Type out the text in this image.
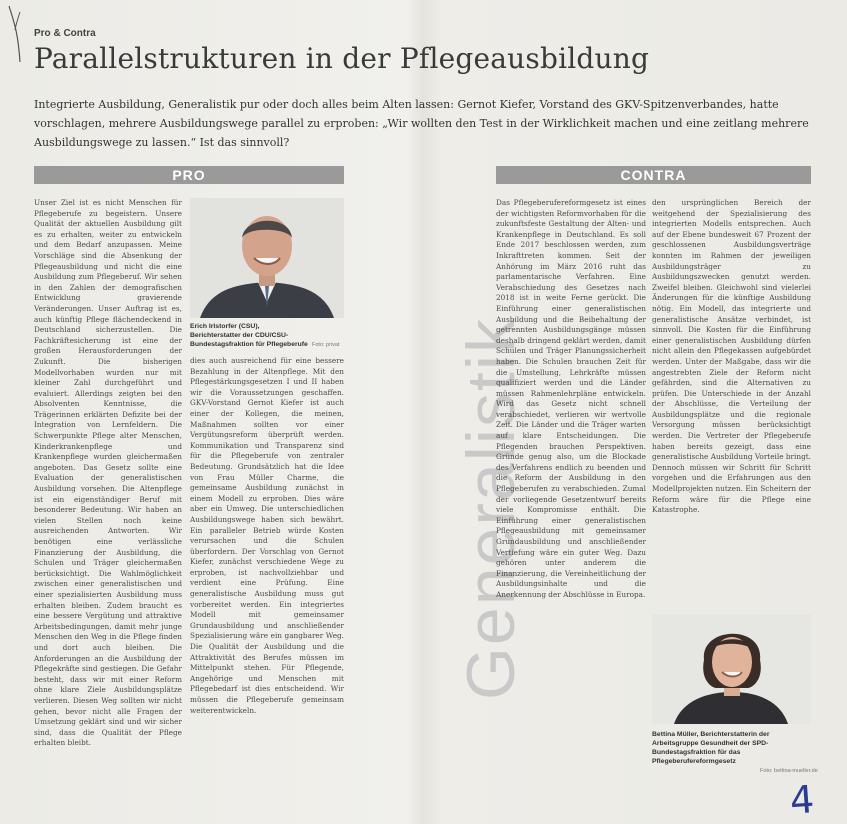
Pro & Contra
Parallelstrukturen in der Pflegeausbildung
Integrierte Ausbildung, Generalistik pur oder doch alles beim Alten lassen: Gernot Kiefer, Vorstand des GKV-Spitzenverbandes, hatte vorschlagen, mehrere Ausbildungswege parallel zu erproben: „Wir wollten den Test in der Wirklichkeit machen und eine zeitlang mehrere Ausbildungswege zu lassen.“ Ist das sinnvoll?
PRO	CONTRA
Unser Ziel ist es nicht Menschen für Pflegeberufe zu begeistern. Unsere Qualität der aktuellen Ausbildung gilt es zu erhalten, weiter zu entwickeln und dem Bedarf anzupassen. Meine Vorschläge sind die Absenkung der Pflegeausbildung und nicht die eine Ausbildung zum Pflegeberuf. Wir sehen in den Zahlen der demografischen Entwicklung gravierende Veränderungen. Unser Auftrag ist es, auch künftig Pflege flächendeckend in Deutschland sicherzustellen. Die Fachkräftesicherung ist eine der großen Herausforderungen der Zukunft. Die bisherigen Modellvorhaben wurden nur mit kleiner Zahl durchgeführt und evaluiert. Allerdings zeigten bei den Absolventen Kenntnisse, die Trägerinnen erklärten Defizite bei der Integration von Lernfeldern. Die Schwerpunkte Pflege alter Menschen, Kinderkrankenpflege und Krankenpflege wurden gleichermaßen angeboten. Das Gesetz sollte eine Evaluation der generalistischen Ausbildung vorsehen. Die Altenpflege ist ein eigenständiger Beruf mit besonderer Bedeutung. Wir haben an vielen Stellen noch keine ausreichenden Antworten. Wir benötigen eine verlässliche Finanzierung der Ausbildung, die Schulen und Träger gleichermaßen berücksichtigt. Die Wahlmöglichkeit zwischen einer generalistischen und einer spezialisierten Ausbildung muss erhalten bleiben. Zudem braucht es eine bessere Vergütung und attraktive Arbeitsbedingungen, damit mehr junge Menschen den Weg in die Pflege finden und dort auch bleiben. Die Anforderungen an die Ausbildung der Pflegekräfte sind gestiegen. Die Gefahr besteht, dass wir mit einer Reform ohne klare Ziele Ausbildungsplätze verlieren. Diesen Weg sollten wir nicht gehen, bevor nicht alle Fragen der Umsetzung geklärt sind und wir sicher sind, dass die Qualität der Pflege erhalten bleibt.
Erich Irlstorfer (CSU), Berichterstatter der CDU/CSU-Bundestagsfraktion für Pflegeberufe Foto: privat
dies auch ausreichend für eine bessere Bezahlung in der Altenpflege. Mit den Pflegestärkungsgesetzen I und II haben wir die Voraussetzungen geschaffen. GKV-Vorstand Gernot Kiefer ist auch einer der Kollegen, die meinen, Maßnahmen sollten vor einer Vergütungsreform überprüft werden. Kommunikation und Transparenz sind für die Pflegeberufe von zentraler Bedeutung. Grundsätzlich hat die Idee von Frau Müller Charme, die gemeinsame Ausbildung zunächst in einem Modell zu erproben. Dies wäre aber ein Umweg. Die unterschiedlichen Ausbildungswege haben sich bewährt. Ein paralleler Betrieb würde Kosten verursachen und die Schulen überfordern. Der Vorschlag von Gernot Kiefer, zunächst verschiedene Wege zu erproben, ist nachvollziehbar und verdient eine Prüfung. Eine generalistische Ausbildung muss gut vorbereitet werden. Ein integriertes Modell mit gemeinsamer Grundausbildung und anschließender Spezialisierung wäre ein gangbarer Weg. Die Qualität der Ausbildung und die Attraktivität des Berufes müssen im Mittelpunkt stehen. Für Pflegende, Angehörige und Menschen mit Pflegebedarf ist dies entscheidend. Wir müssen die Pflegeberufe gemeinsam weiterentwickeln.
Generalistik
Das Pflegeberufereformgesetz ist eines der wichtigsten Reformvorhaben für die zukunftsfeste Gestaltung der Alten- und Krankenpflege in Deutschland. Es soll Ende 2017 beschlossen werden, zum Inkrafttreten kommen. Seit der Anhörung im März 2016 ruht das parlamentarische Verfahren. Eine Verabschiedung des Gesetzes nach 2018 ist in weite Ferne gerückt. Die Einführung einer generalistischen Ausbildung und die Beibehaltung der getrennten Ausbildungsgänge müssen deshalb dringend geklärt werden, damit Schulen und Träger Planungssicherheit haben. Die Schulen brauchen Zeit für die Umstellung, Lehrkräfte müssen qualifiziert werden und die Länder müssen Rahmenlehrpläne entwickeln. Wird das Gesetz nicht schnell verabschiedet, verlieren wir wertvolle Zeit. Die Länder und die Träger warten auf klare Entscheidungen. Die Pflegenden brauchen Perspektiven. Gründe genug also, um die Blockade des Verfahrens endlich zu beenden und die Reform der Ausbildung in den Pflegeberufen zu verabschieden. Zumal der vorliegende Gesetzentwurf bereits viele Kompromisse enthält. Die Einführung einer generalistischen Pflegeausbildung mit gemeinsamer Grundausbildung und anschließender Vertiefung wäre ein guter Weg. Dazu gehören unter anderem die Finanzierung, die Vereinheitlichung der Ausbildungsinhalte und die Anerkennung der Abschlüsse in Europa.
den ursprünglichen Bereich der weitgehend der Spezialisierung des integrierten Modells entsprechen. Auch auf der Ebene bundesweit 67 Prozent der geschlossenen Ausbildungsverträge konnten im Rahmen der jeweiligen Ausbildungsträger zu Ausbildungszwecken genutzt werden. Zweifel bleiben. Gleichwohl sind vielerlei Änderungen für die künftige Ausbildung nötig. Ein Modell, das integrierte und generalistische Ansätze verbindet, ist sinnvoll. Die Kosten für die Einführung einer generalistischen Ausbildung dürfen nicht allein den Pflegekassen aufgebürdet werden. Unter der Maßgabe, dass wir die angestrebten Ziele der Reform nicht gefährden, sind die Alternativen zu prüfen. Die Unterschiede in der Anzahl der Abschlüsse, die Verteilung der Ausbildungsplätze und die regionale Versorgung müssen berücksichtigt werden. Die Vertreter der Pflegeberufe haben bereits gezeigt, dass eine generalistische Ausbildung Vorteile bringt. Dennoch müssen wir Schritt für Schritt vorgehen und die Erfahrungen aus den Modellprojekten nutzen. Ein Scheitern der Reform wäre für die Pflege eine Katastrophe.
Bettina Müller, Berichterstatterin der Arbeitsgruppe Gesundheit der SPD-Bundestagsfraktion für das Pflegeberufereformgesetz
Foto: bettina-mueller.de
4
